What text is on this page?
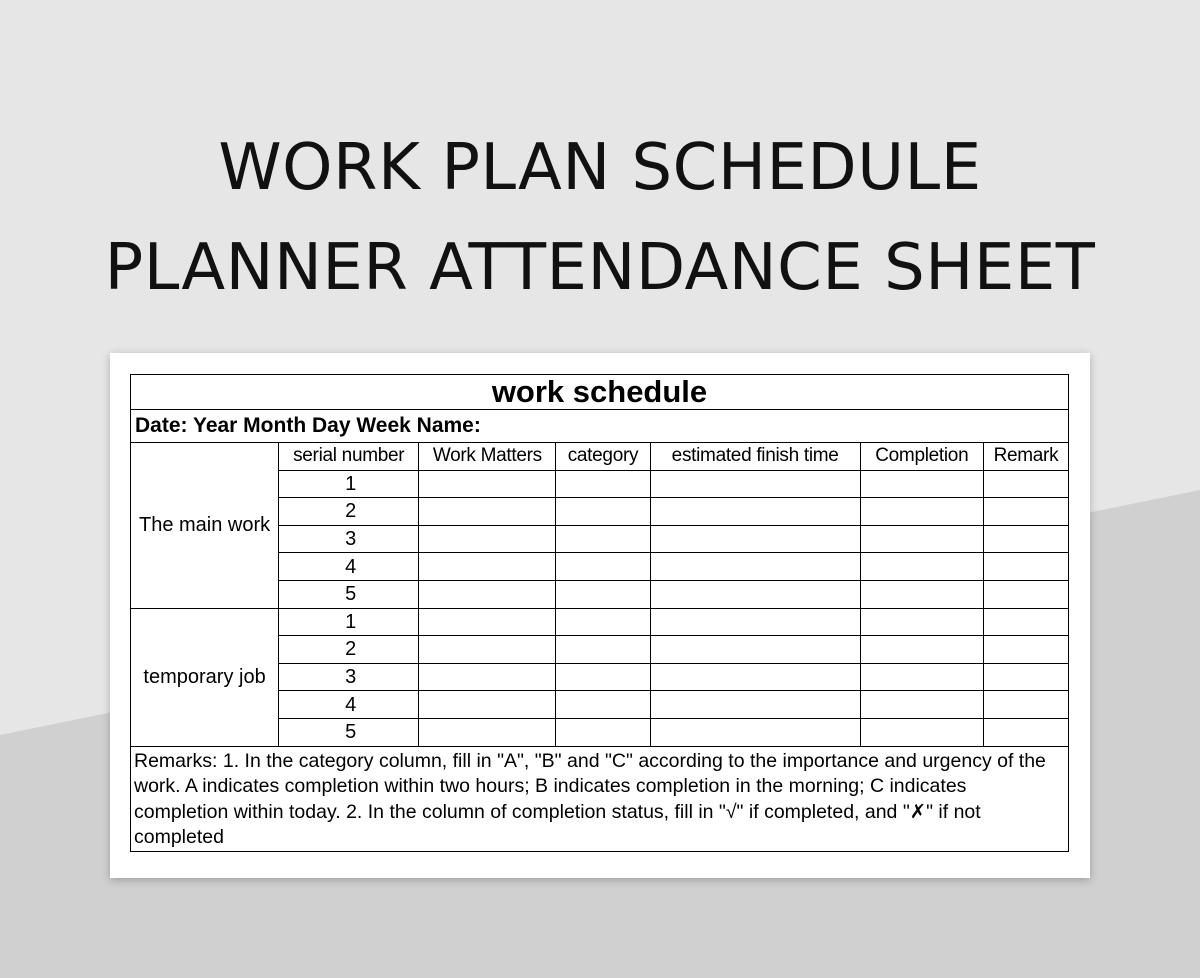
WORK PLAN SCHEDULE
PLANNER ATTENDANCE SHEET
work schedule						
Date: Year Month Day Week Name:						
The main work	serial number	Work Matters	category	estimated finish time	Completion	Remark
	1					
	2					
	3					
	4					
	5					
temporary job	1					
	2					
	3					
	4					
	5					
Remarks: 1. In the category column, fill in "A", "B" and "C" according to the importance and urgency of the work. A indicates completion within two hours; B indicates completion in the morning; C indicates completion within today. 2. In the column of completion status, fill in "√" if completed, and "✗" if not completed						
